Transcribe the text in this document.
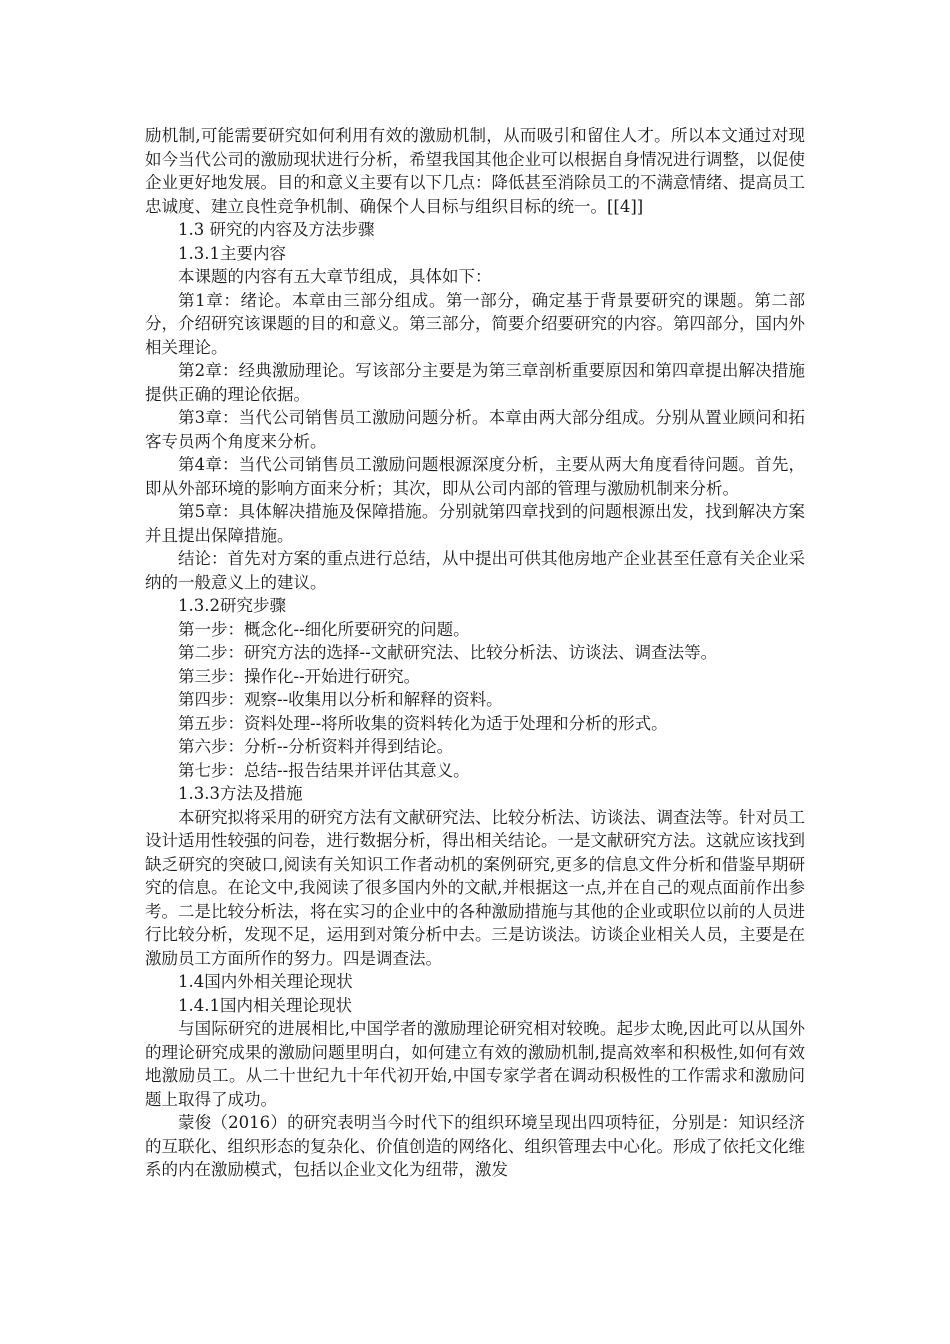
励机制,可能需要研究如何利用有效的激励机制，从而吸引和留住人才。所以本文通过对现如今当代公司的激励现状进行分析，希望我国其他企业可以根据自身情况进行调整，以促使企业更好地发展。目的和意义主要有以下几点：降低甚至消除员工的不满意情绪、提高员工忠诚度、建立良性竞争机制、确保个人目标与组织目标的统一。[[4]]

1.3 研究的内容及方法步骤

1.3.1主要内容

本课题的内容有五大章节组成，具体如下：

第1章：绪论。本章由三部分组成。第一部分，确定基于背景要研究的课题。第二部分，介绍研究该课题的目的和意义。第三部分，简要介绍要研究的内容。第四部分，国内外相关理论。

第2章：经典激励理论。写该部分主要是为第三章剖析重要原因和第四章提出解决措施提供正确的理论依据。

第3章：当代公司销售员工激励问题分析。本章由两大部分组成。分别从置业顾问和拓客专员两个角度来分析。

第4章：当代公司销售员工激励问题根源深度分析，主要从两大角度看待问题。首先，即从外部环境的影响方面来分析；其次，即从公司内部的管理与激励机制来分析。

第5章：具体解决措施及保障措施。分别就第四章找到的问题根源出发，找到解决方案并且提出保障措施。

结论：首先对方案的重点进行总结，从中提出可供其他房地产企业甚至任意有关企业采纳的一般意义上的建议。

1.3.2研究步骤

第一步：概念化--细化所要研究的问题。

第二步：研究方法的选择--文献研究法、比较分析法、访谈法、调查法等。

第三步：操作化--开始进行研究。

第四步：观察--收集用以分析和解释的资料。

第五步：资料处理--将所收集的资料转化为适于处理和分析的形式。

第六步：分析--分析资料并得到结论。

第七步：总结--报告结果并评估其意义。

1.3.3方法及措施

本研究拟将采用的研究方法有文献研究法、比较分析法、访谈法、调查法等。针对员工设计适用性较强的问卷，进行数据分析，得出相关结论。一是文献研究方法。这就应该找到缺乏研究的突破口,阅读有关知识工作者动机的案例研究,更多的信息文件分析和借鉴早期研究的信息。在论文中,我阅读了很多国内外的文献,并根据这一点,并在自己的观点面前作出参考。二是比较分析法，将在实习的企业中的各种激励措施与其他的企业或职位以前的人员进行比较分析，发现不足，运用到对策分析中去。三是访谈法。访谈企业相关人员，主要是在激励员工方面所作的努力。四是调查法。

1.4国内外相关理论现状

1.4.1国内相关理论现状

与国际研究的进展相比,中国学者的激励理论研究相对较晚。起步太晚,因此可以从国外的理论研究成果的激励问题里明白，如何建立有效的激励机制,提高效率和积极性,如何有效地激励员工。从二十世纪九十年代初开始,中国专家学者在调动积极性的工作需求和激励问题上取得了成功。

蒙俊（2016）的研究表明当今时代下的组织环境呈现出四项特征，分别是：知识经济的互联化、组织形态的复杂化、价值创造的网络化、组织管理去中心化。形成了依托文化维系的内在激励模式，包括以企业文化为纽带，激发
